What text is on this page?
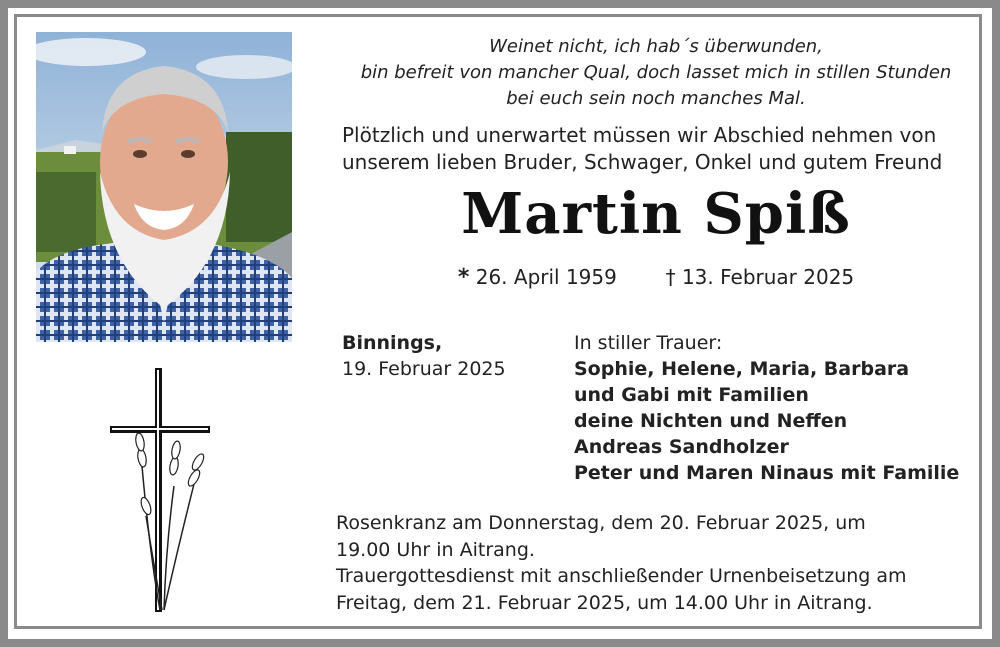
Weinet nicht, ich hab´s überwunden,
bin befreit von mancher Qual, doch lasset mich in stillen Stunden
bei euch sein noch manches Mal.
Plötzlich und unerwartet müssen wir Abschied nehmen von
unserem lieben Bruder, Schwager, Onkel und gutem Freund
Martin Spiß
* 26. April 1959 † 13. Februar 2025
Binnings,
19. Februar 2025
In stiller Trauer:
Sophie, Helene, Maria, Barbara
und Gabi mit Familien
deine Nichten und Neffen
Andreas Sandholzer
Peter und Maren Ninaus mit Familie
Rosenkranz am Donnerstag, dem 20. Februar 2025, um
19.00 Uhr in Aitrang.
Trauergottesdienst mit anschließender Urnenbeisetzung am
Freitag, dem 21. Februar 2025, um 14.00 Uhr in Aitrang.
